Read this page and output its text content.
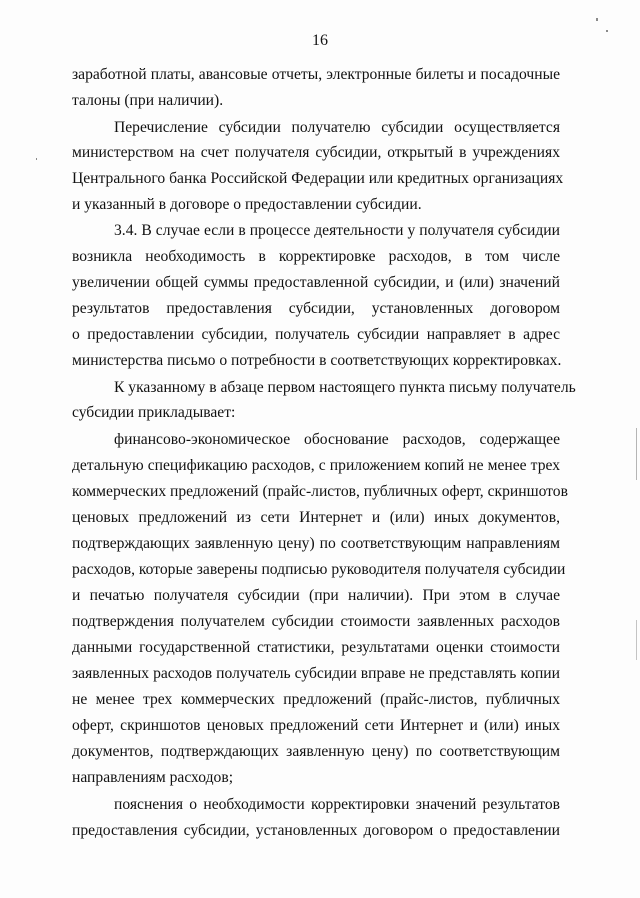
16
заработной платы, авансовые отчеты, электронные билеты и посадочные
талоны (при наличии).
Перечисление субсидии получателю субсидии осуществляется
министерством на счет получателя субсидии, открытый в учреждениях
Центрального банка Российской Федерации или кредитных организациях
и указанный в договоре о предоставлении субсидии.
3.4. В случае если в процессе деятельности у получателя субсидии
возникла необходимость в корректировке расходов, в том числе
увеличении общей суммы предоставленной субсидии, и (или) значений
результатов предоставления субсидии, установленных договором
о предоставлении субсидии, получатель субсидии направляет в адрес
министерства письмо о потребности в соответствующих корректировках.
К указанному в абзаце первом настоящего пункта письму получатель
субсидии прикладывает:
финансово-экономическое обоснование расходов, содержащее
детальную спецификацию расходов, с приложением копий не менее трех
коммерческих предложений (прайс-листов, публичных оферт, скриншотов
ценовых предложений из сети Интернет и (или) иных документов,
подтверждающих заявленную цену) по соответствующим направлениям
расходов, которые заверены подписью руководителя получателя субсидии
и печатью получателя субсидии (при наличии). При этом в случае
подтверждения получателем субсидии стоимости заявленных расходов
данными государственной статистики, результатами оценки стоимости
заявленных расходов получатель субсидии вправе не представлять копии
не менее трех коммерческих предложений (прайс-листов, публичных
оферт, скриншотов ценовых предложений сети Интернет и (или) иных
документов, подтверждающих заявленную цену) по соответствующим
направлениям расходов;
пояснения о необходимости корректировки значений результатов
предоставления субсидии, установленных договором о предоставлении
